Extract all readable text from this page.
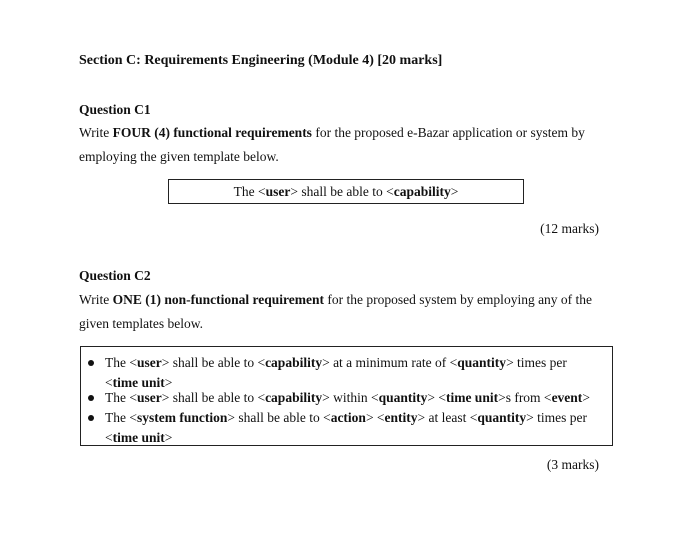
Section C: Requirements Engineering (Module 4) [20 marks]
Question C1
Write FOUR (4) functional requirements for the proposed e-Bazar application or system by
employing the given template below.
The < user > shall be able to < capability >
(12 marks)
Question C2
Write ONE (1) non-functional requirement for the proposed system by employing any of the
given templates below.
The <user> shall be able to <capability> at a minimum rate of <quantity> times per
<time unit>
The <user> shall be able to <capability> within <quantity> <time unit>s from <event>
The <system function> shall be able to <action> <entity> at least <quantity> times per
<time unit>
(3 marks)
